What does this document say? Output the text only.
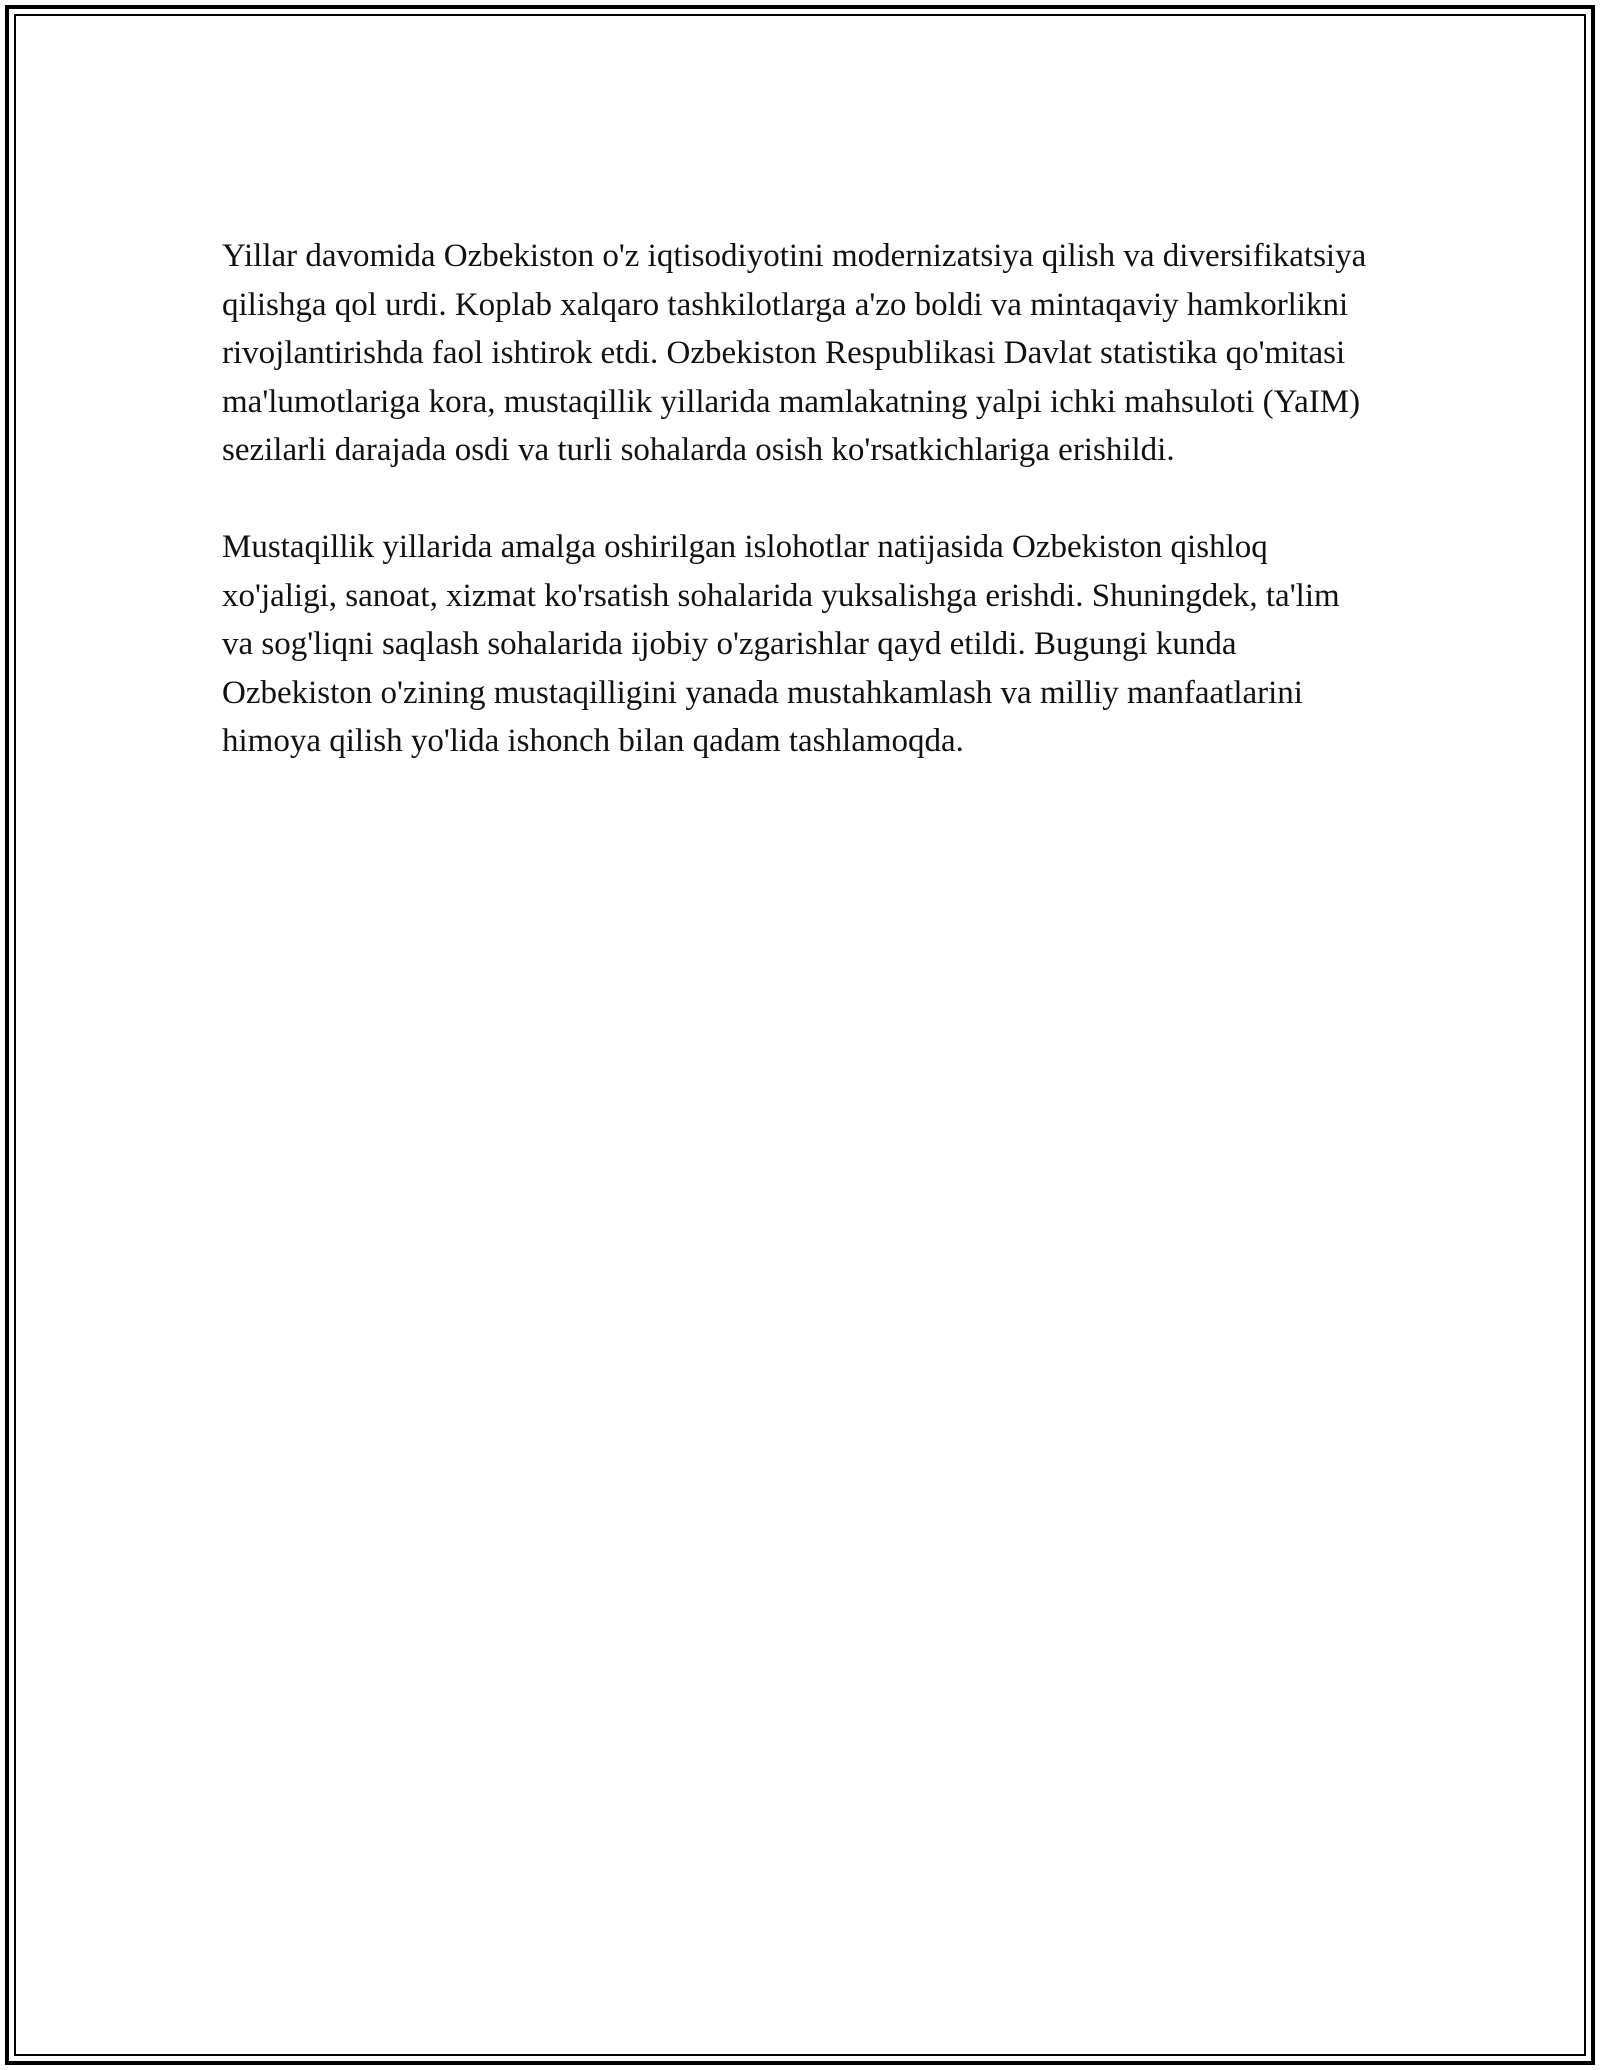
Yillar davomida Ozbekiston o'z iqtisodiyotini modernizatsiya qilish va diversifikatsiya qilishga qol urdi. Koplab xalqaro tashkilotlarga a'zo boldi va mintaqaviy hamkorlikni rivojlantirishda faol ishtirok etdi. Ozbekiston Respublikasi Davlat statistika qo'mitasi ma'lumotlariga kora, mustaqillik yillarida mamlakatning yalpi ichki mahsuloti (YaIM) sezilarli darajada osdi va turli sohalarda osish ko'rsatkichlariga erishildi.

Mustaqillik yillarida amalga oshirilgan islohotlar natijasida Ozbekiston qishloq xo'jaligi, sanoat, xizmat ko'rsatish sohalarida yuksalishga erishdi. Shuningdek, ta'lim va sog'liqni saqlash sohalarida ijobiy o'zgarishlar qayd etildi. Bugungi kunda Ozbekiston o'zining mustaqilligini yanada mustahkamlash va milliy manfaatlarini himoya qilish yo'lida ishonch bilan qadam tashlamoqda.
